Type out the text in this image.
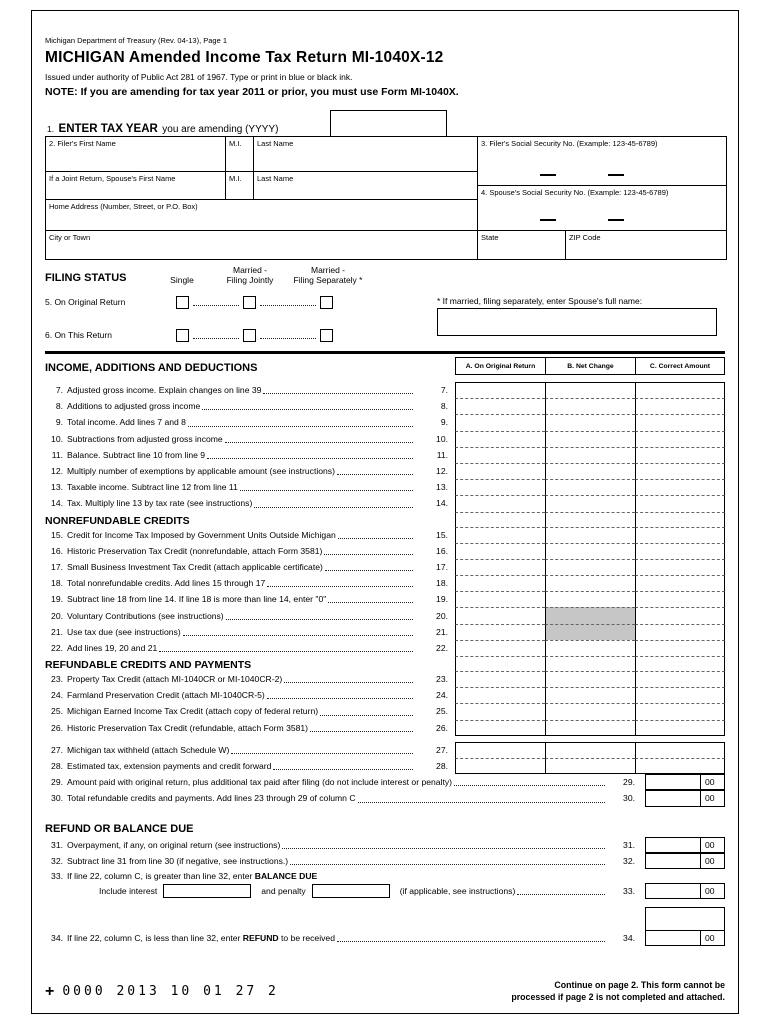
Michigan Department of Treasury (Rev. 04-13), Page 1
MICHIGAN Amended Income Tax Return MI-1040X-12
Issued under authority of Public Act 281 of 1967. Type or print in blue or black ink.
NOTE: If you are amending for tax year 2011 or prior, you must use Form MI-1040X.
1. ENTER TAX YEAR you are amending (YYYY)
2. Filer's First Name	M.I.	Last Name	3. Filer's Social Security No. (Example: 123-45-6789)
If a Joint Return, Spouse's First Name	M.I.	Last Name
4. Spouse's Social Security No. (Example: 123-45-6789)
Home Address (Number, Street, or P.O. Box)
City or Town	State	ZIP Code
FILING STATUS	Single
Married -
Filing Jointly
Married -
Filing Separately *
5. On Original Return
6. On This Return
* If married, filing separately, enter Spouse's full name:
INCOME, ADDITIONS AND DEDUCTIONS	A. On Original Return	B. Net Change	C. Correct Amount
7. Adjusted gross income. Explain changes on line 39	7.
8. Additions to adjusted gross income	8.
9. Total income. Add lines 7 and 8	9.
10. Subtractions from adjusted gross income	10.
11. Balance. Subtract line 10 from line 9	11.
12. Multiply number of exemptions by applicable amount (see instructions)	12.
13. Taxable income. Subtract line 12 from line 11	13.
14. Tax. Multiply line 13 by tax rate (see instructions)	14.
NONREFUNDABLE CREDITS
15. Credit for Income Tax Imposed by Government Units Outside Michigan	15.
16. Historic Preservation Tax Credit (nonrefundable, attach Form 3581)	16.
17. Small Business Investment Tax Credit (attach applicable certificate)	17.
18. Total nonrefundable credits. Add lines 15 through 17	18.
19. Subtract line 18 from line 14. If line 18 is more than line 14, enter "0"	19.
20. Voluntary Contributions (see instructions)	20.
21. Use tax due (see instructions)	21.
22. Add lines 19, 20 and 21	22.
REFUNDABLE CREDITS AND PAYMENTS
23. Property Tax Credit (attach MI-1040CR or MI-1040CR-2)	23.
24. Farmland Preservation Credit (attach MI-1040CR-5)	24.
25. Michigan Earned Income Tax Credit (attach copy of federal return)	25.
26. Historic Preservation Tax Credit (refundable, attach Form 3581)	26.
27. Michigan tax withheld (attach Schedule W)	27.
28. Estimated tax, extension payments and credit forward	28.
29. Amount paid with original return, plus additional tax paid after filing (do not include interest or penalty)	29.	00
30. Total refundable credits and payments. Add lines 23 through 29 of column C	30.	00
REFUND OR BALANCE DUE
31. Overpayment, if any, on original return (see instructions)	31.	00
32. Subtract line 31 from line 30 (if negative, see instructions.)	32.	00
33. If line 22, column C, is greater than line 32, enter BALANCE DUE
Include interest	and penalty	(if applicable, see instructions)	33.	00
34. If line 22, column C, is less than line 32, enter REFUND to be received	34.	00
+ 0000 2013 10 01 27 2	Continue on page 2. This form cannot be
processed if page 2 is not completed and attached.
